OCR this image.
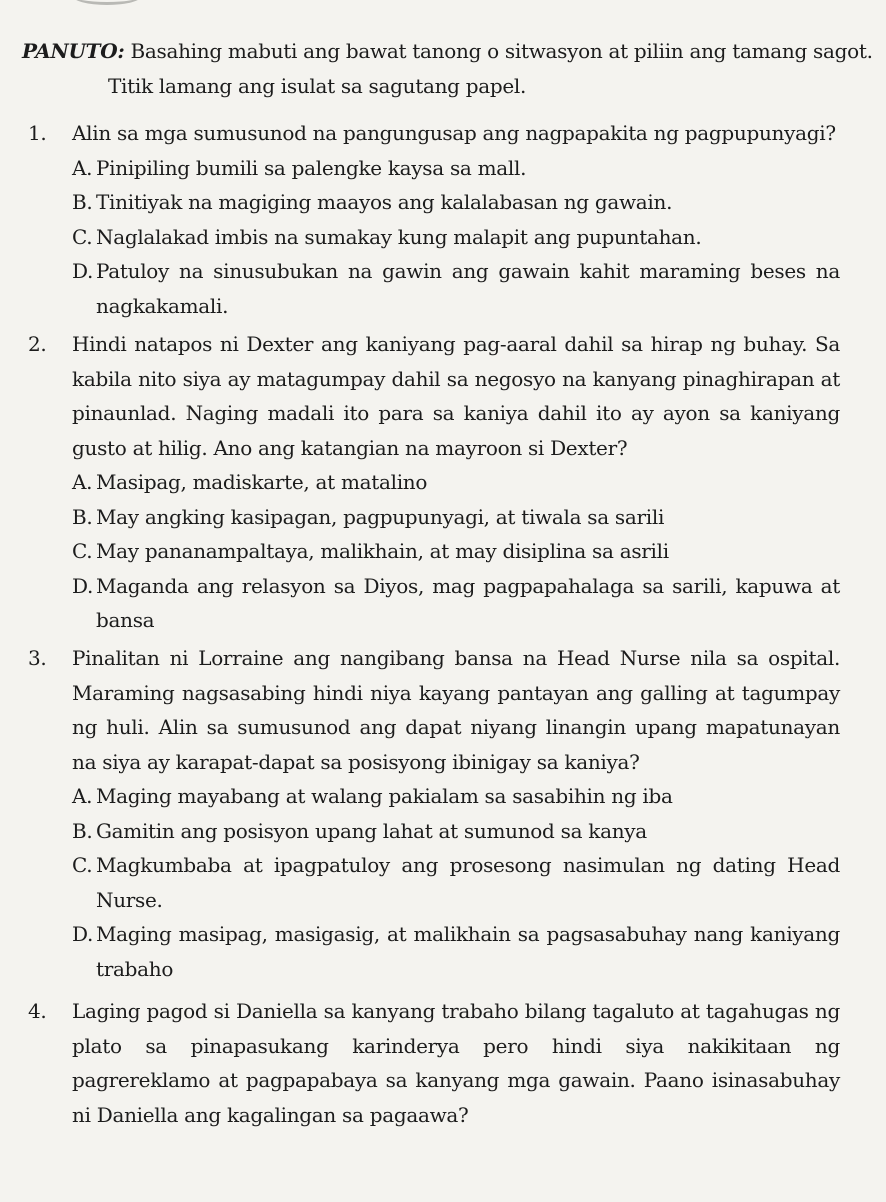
PANUTO: Basahing mabuti ang bawat tanong o sitwasyon at piliin ang tamang sagot.
Titik lamang ang isulat sa sagutang papel.
1.	Alin sa mga sumusunod na pangungusap ang nagpapakita ng pagpupunyagi?
A. Pinipiling bumili sa palengke kaysa sa mall.
B. Tinitiyak na magiging maayos ang kalalabasan ng gawain.
C. Naglalakad imbis na sumakay kung malapit ang pupuntahan.
D. Patuloy na sinusubukan na gawin ang gawain kahit maraming beses na nagkakamali.
2.	Hindi natapos ni Dexter ang kaniyang pag-aaral dahil sa hirap ng buhay. Sa kabila nito siya ay matagumpay dahil sa negosyo na kanyang pinaghirapan at pinaunlad. Naging madali ito para sa kaniya dahil ito ay ayon sa kaniyang gusto at hilig. Ano ang katangian na mayroon si Dexter?
A. Masipag, madiskarte, at matalino
B. May angking kasipagan, pagpupunyagi, at tiwala sa sarili
C. May pananampaltaya, malikhain, at may disiplina sa asrili
D. Maganda ang relasyon sa Diyos, mag pagpapahalaga sa sarili, kapuwa at bansa
3.	Pinalitan ni Lorraine ang nangibang bansa na Head Nurse nila sa ospital. Maraming nagsasabing hindi niya kayang pantayan ang galling at tagumpay ng huli. Alin sa sumusunod ang dapat niyang linangin upang mapatunayan na siya ay karapat-dapat sa posisyong ibinigay sa kaniya?
A. Maging mayabang at walang pakialam sa sasabihin ng iba
B. Gamitin ang posisyon upang lahat at sumunod sa kanya
C. Magkumbaba at ipagpatuloy ang prosesong nasimulan ng dating Head Nurse.
D. Maging masipag, masigasig, at malikhain sa pagsasabuhay nang kaniyang trabaho
4.	Laging pagod si Daniella sa kanyang trabaho bilang tagaluto at tagahugas ng plato sa pinapasukang karinderya pero hindi siya nakikitaan ng pagrereklamo at pagpapabaya sa kanyang mga gawain. Paano isinasabuhay ni Daniella ang kagalingan sa pagaawa?
